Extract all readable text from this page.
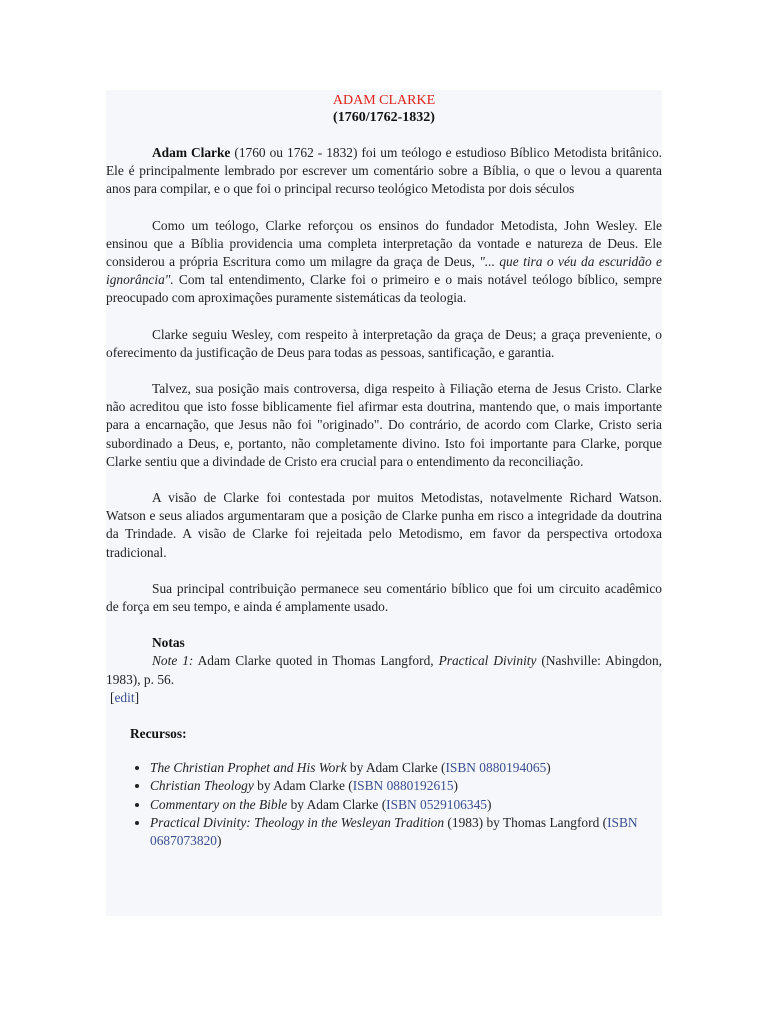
ADAM CLARKE
(1760/1762-1832)

Adam Clarke (1760 ou 1762 - 1832) foi um teólogo e estudioso Bíblico Metodista britânico. Ele é principalmente lembrado por escrever um comentário sobre a Bíblia, o que o levou a quarenta anos para compilar, e o que foi o principal recurso teológico Metodista por dois séculos

Como um teólogo, Clarke reforçou os ensinos do fundador Metodista, John Wesley. Ele ensinou que a Bíblia providencia uma completa interpretação da vontade e natureza de Deus. Ele considerou a própria Escritura como um milagre da graça de Deus, "... que tira o véu da escuridão e ignorância". Com tal entendimento, Clarke foi o primeiro e o mais notável teólogo bíblico, sempre preocupado com aproximações puramente sistemáticas da teologia.

Clarke seguiu Wesley, com respeito à interpretação da graça de Deus; a graça preveniente, o oferecimento da justificação de Deus para todas as pessoas, santificação, e garantia.

Talvez, sua posição mais controversa, diga respeito à Filiação eterna de Jesus Cristo. Clarke não acreditou que isto fosse biblicamente fiel afirmar esta doutrina, mantendo que, o mais importante para a encarnação, que Jesus não foi "originado". Do contrário, de acordo com Clarke, Cristo seria subordinado a Deus, e, portanto, não completamente divino. Isto foi importante para Clarke, porque Clarke sentiu que a divindade de Cristo era crucial para o entendimento da reconciliação.

A visão de Clarke foi contestada por muitos Metodistas, notavelmente Richard Watson. Watson e seus aliados argumentaram que a posição de Clarke punha em risco a integridade da doutrina da Trindade. A visão de Clarke foi rejeitada pelo Metodismo, em favor da perspectiva ortodoxa tradicional.

Sua principal contribuição permanece seu comentário bíblico que foi um circuito acadêmico de força em seu tempo, e ainda é amplamente usado.

Notas

Note 1: Adam Clarke quoted in Thomas Langford, Practical Divinity (Nashville: Abingdon, 1983), p. 56.

[edit]
Recursos:
• The Christian Prophet and His Work by Adam Clarke (ISBN 0880194065)
• Christian Theology by Adam Clarke (ISBN 0880192615)
• Commentary on the Bible by Adam Clarke (ISBN 0529106345)
• Practical Divinity: Theology in the Wesleyan Tradition (1983) by Thomas Langford (ISBN 0687073820)
